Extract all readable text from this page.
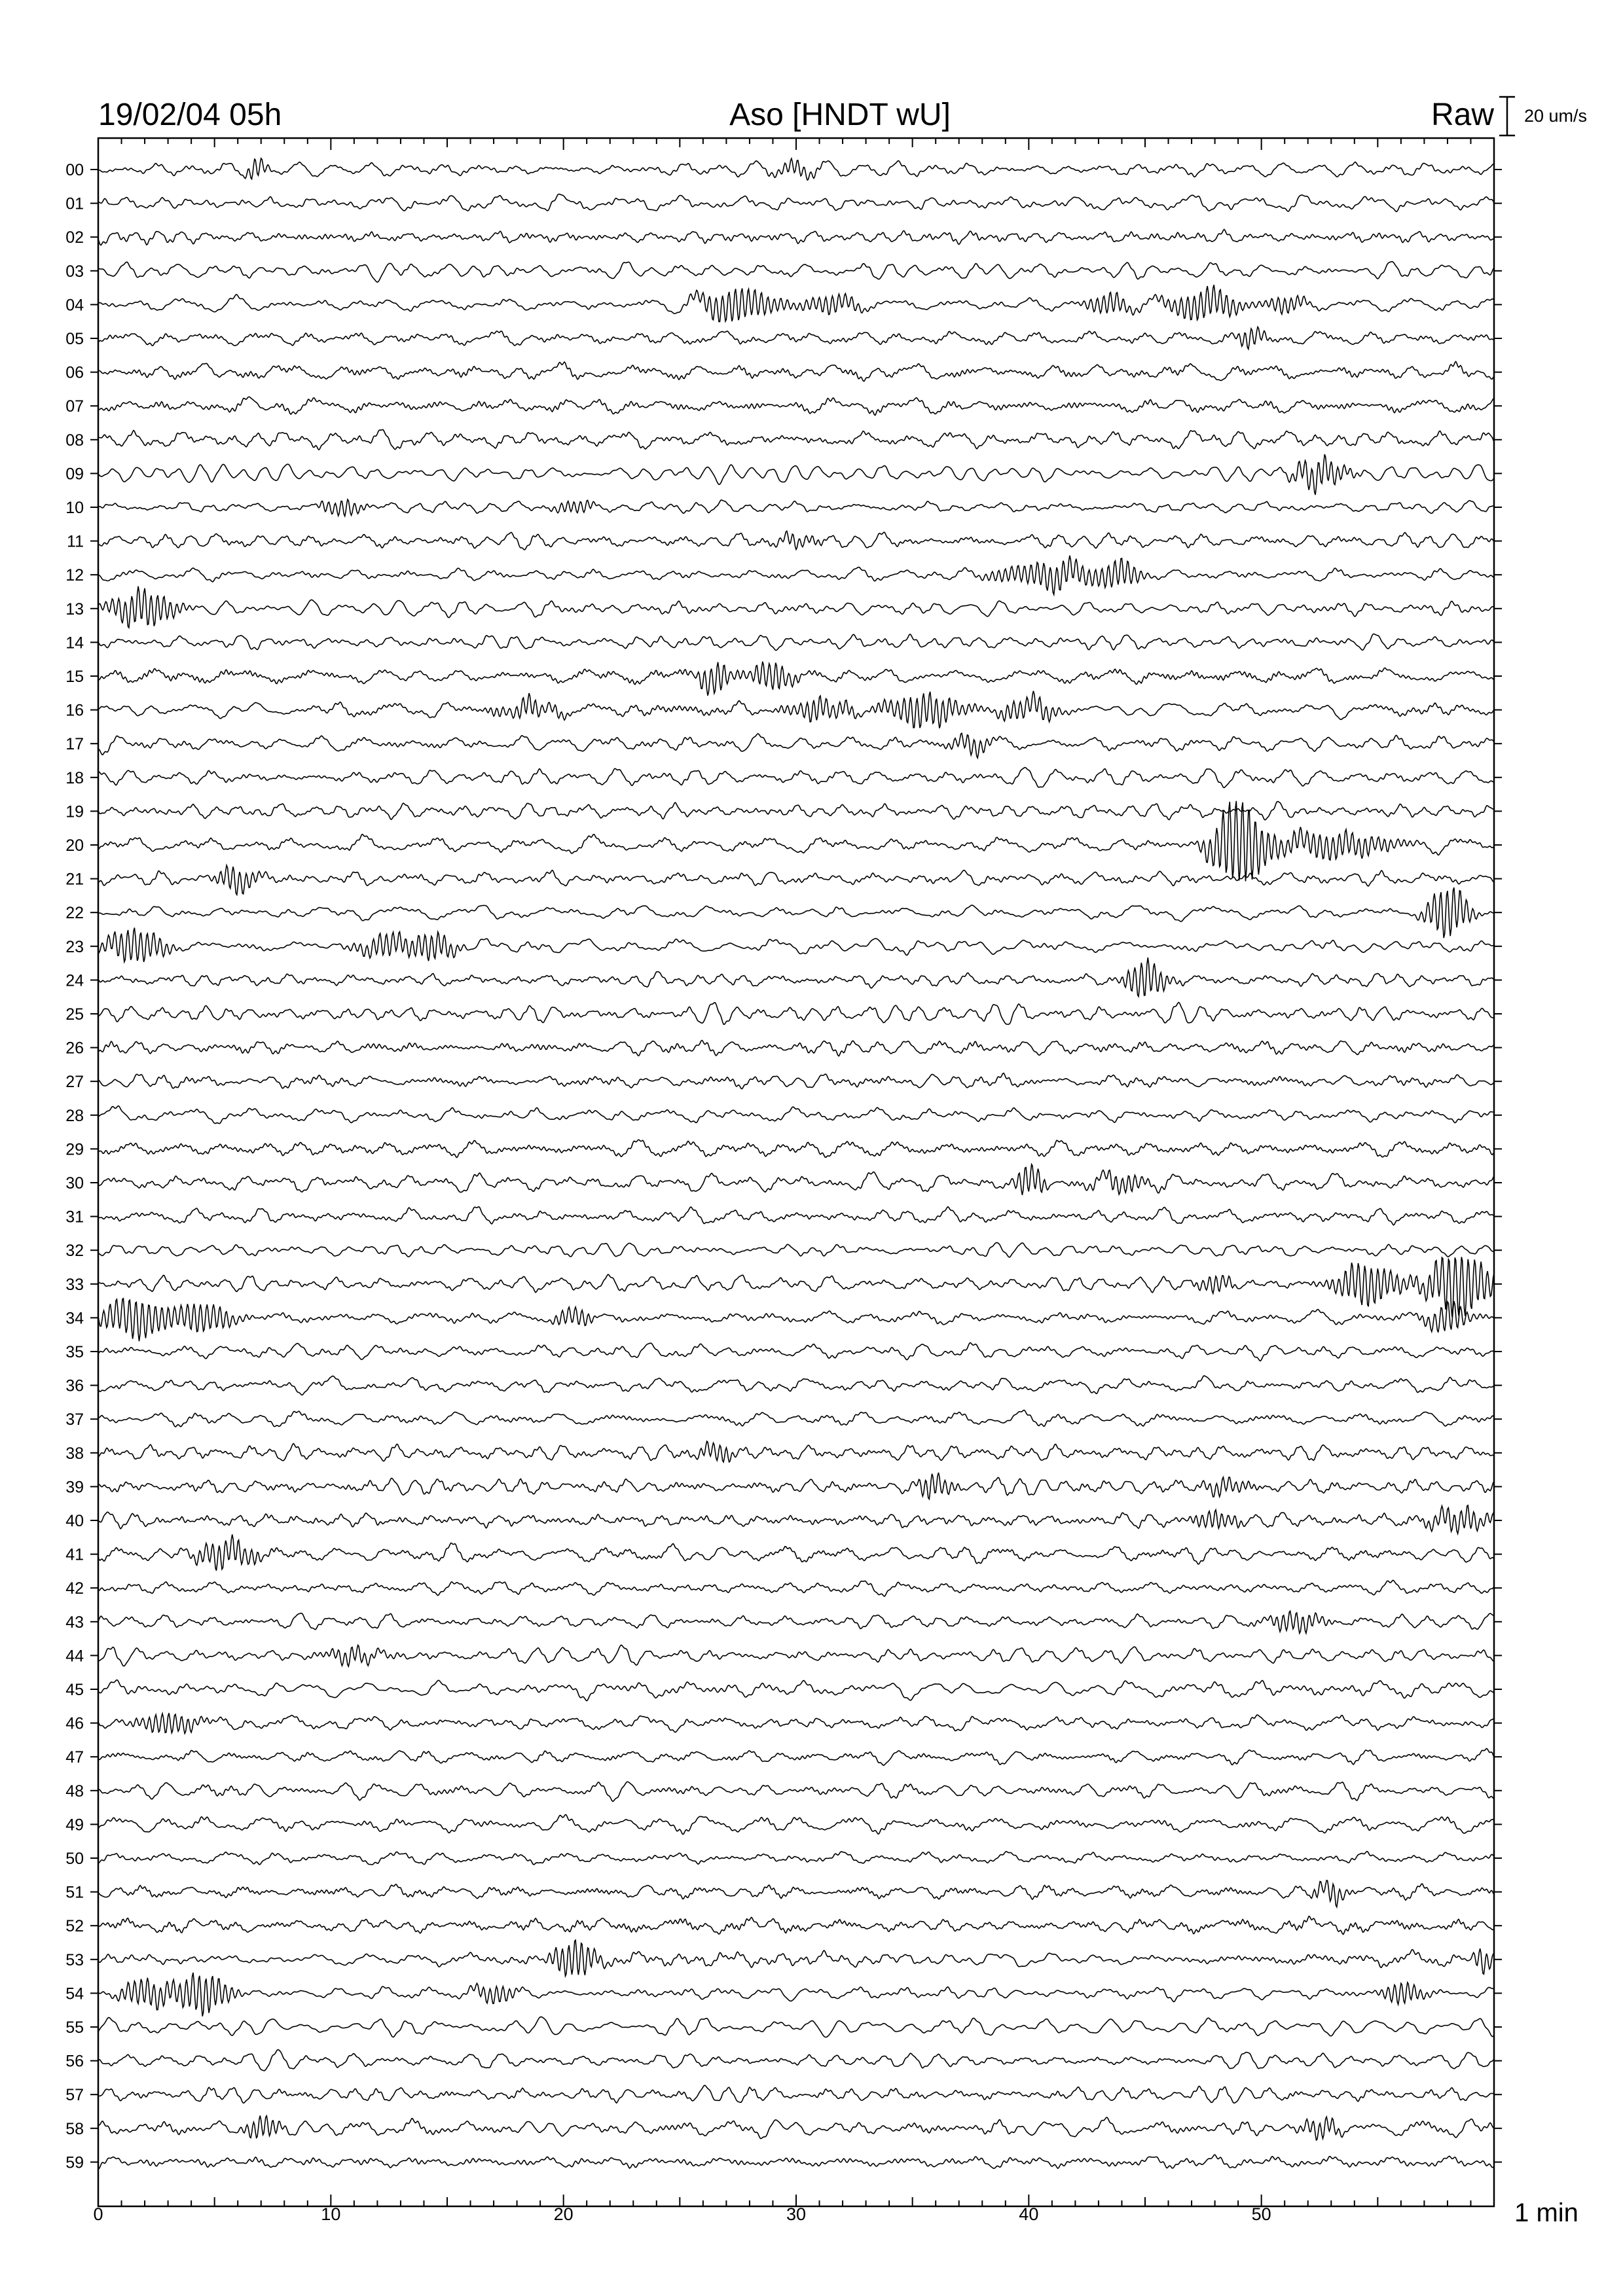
19/02/04 05h	Aso [HNDT wU]	Raw 20 um/s
00
01
02
03
04
05
06
07
08
09
10
11
12
13
14
15
16
17
18
19
20
21
22
23
24
25
26
27
28
29
30
31
32
33
34
35
36
37
38
39
40
41
42
43
44
45
46
47
48
49
50
51
52
53
54
55
56
57
58
59
0	10	20	30	40	50	1 min
